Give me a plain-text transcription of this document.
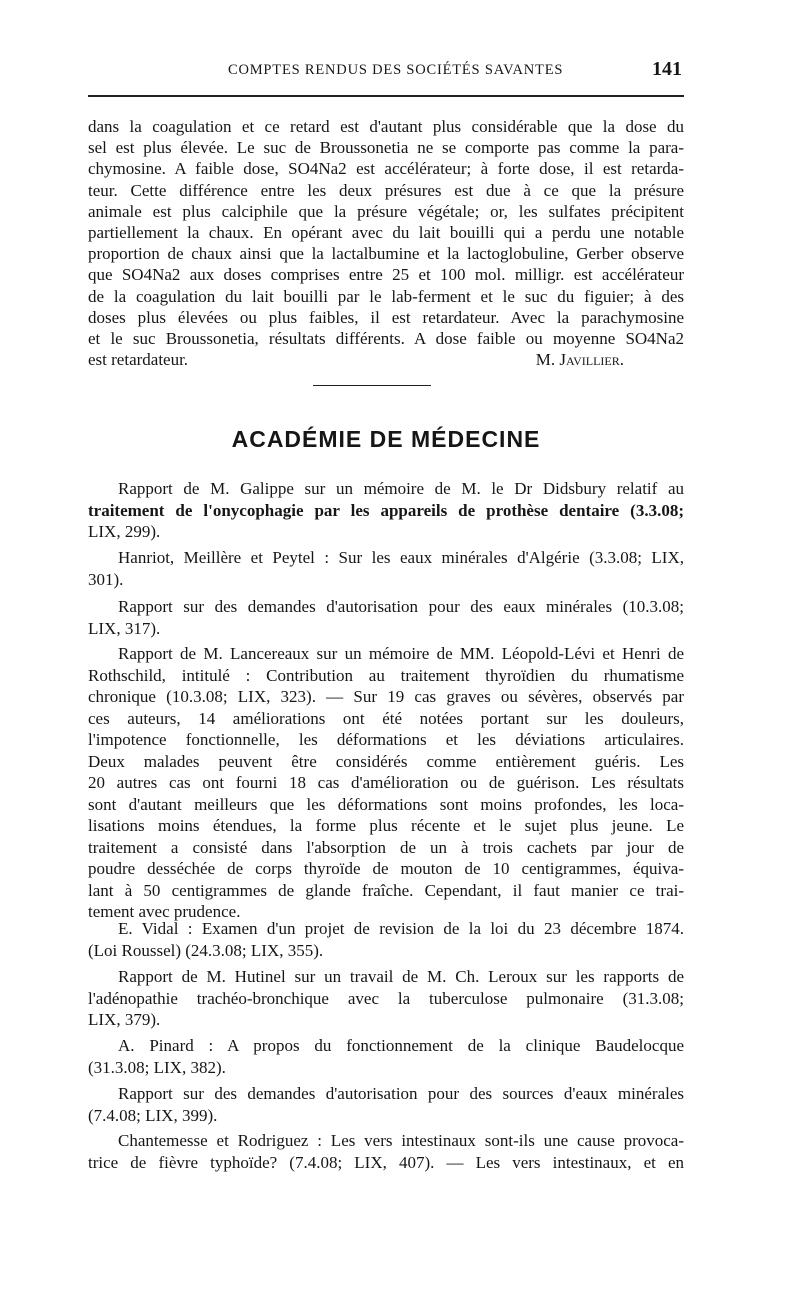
COMPTES RENDUS DES SOCIÉTÉS SAVANTES	141

dans la coagulation et ce retard est d'autant plus considérable que la dose du

sel est plus élevée. Le suc de Broussonetia ne se comporte pas comme la para-

chymosine. A faible dose, SO4Na2 est accélérateur; à forte dose, il est retarda-

teur. Cette différence entre les deux présures est due à ce que la présure

animale est plus calciphile que la présure végétale; or, les sulfates précipitent

partiellement la chaux. En opérant avec du lait bouilli qui a perdu une notable

proportion de chaux ainsi que la lactalbumine et la lactoglobuline, Gerber observe

que SO4Na2 aux doses comprises entre 25 et 100 mol. milligr. est accélérateur

de la coagulation du lait bouilli par le lab-ferment et le suc du figuier; à des

doses plus élevées ou plus faibles, il est retardateur. Avec la parachymosine

et le suc Broussonetia, résultats différents. A dose faible ou moyenne SO4Na2

est retardateur.	M. Javillier.
ACADÉMIE DE MÉDECINE

Rapport de M. Galippe sur un mémoire de M. le Dr Didsbury relatif au

traitement de l'onycophagie par les appareils de prothèse dentaire (3.3.08;

LIX, 299).

Hanriot, Meillère et Peytel : Sur les eaux minérales d'Algérie (3.3.08; LIX,

301).

Rapport sur des demandes d'autorisation pour des eaux minérales (10.3.08;

LIX, 317).

Rapport de M. Lancereaux sur un mémoire de MM. Léopold-Lévi et Henri de

Rothschild, intitulé : Contribution au traitement thyroïdien du rhumatisme

chronique (10.3.08; LIX, 323). — Sur 19 cas graves ou sévères, observés par

ces auteurs, 14 améliorations ont été notées portant sur les douleurs,

l'impotence fonctionnelle, les déformations et les déviations articulaires.

Deux malades peuvent être considérés comme entièrement guéris. Les

20 autres cas ont fourni 18 cas d'amélioration ou de guérison. Les résultats

sont d'autant meilleurs que les déformations sont moins profondes, les loca-

lisations moins étendues, la forme plus récente et le sujet plus jeune. Le

traitement a consisté dans l'absorption de un à trois cachets par jour de

poudre desséchée de corps thyroïde de mouton de 10 centigrammes, équiva-

lant à 50 centigrammes de glande fraîche. Cependant, il faut manier ce trai-

tement avec prudence.

E. Vidal : Examen d'un projet de revision de la loi du 23 décembre 1874.

(Loi Roussel) (24.3.08; LIX, 355).

Rapport de M. Hutinel sur un travail de M. Ch. Leroux sur les rapports de

l'adénopathie trachéo-bronchique avec la tuberculose pulmonaire (31.3.08;

LIX, 379).

A. Pinard : A propos du fonctionnement de la clinique Baudelocque

(31.3.08; LIX, 382).

Rapport sur des demandes d'autorisation pour des sources d'eaux minérales

(7.4.08; LIX, 399).

Chantemesse et Rodriguez : Les vers intestinaux sont-ils une cause provoca-

trice de fièvre typhoïde? (7.4.08; LIX, 407). — Les vers intestinaux, et en
